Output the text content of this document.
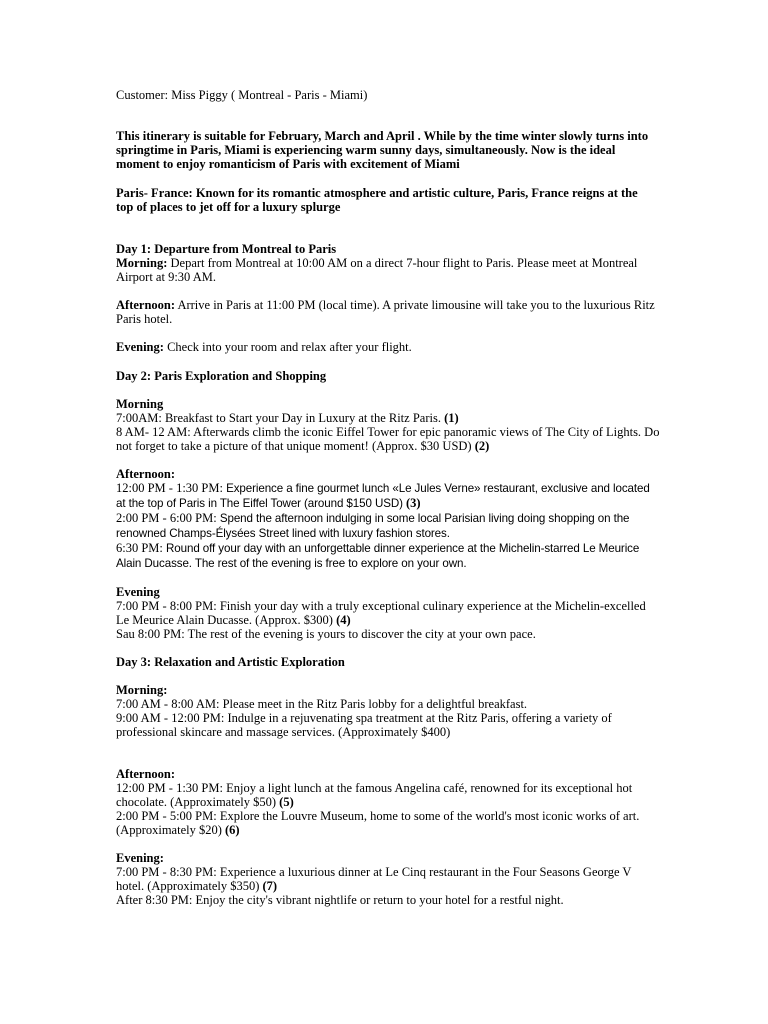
Customer: Miss Piggy ( Montreal - Paris - Miami)
This itinerary is suitable for February, March and April . While by the time winter slowly turns into springtime in Paris, Miami is experiencing warm sunny days, simultaneously. Now is the ideal moment to enjoy romanticism of Paris with excitement of Miami
Paris- France: Known for its romantic atmosphere and artistic culture, Paris, France reigns at the top of places to jet off for a luxury splurge
Day 1: Departure from Montreal to Paris
Morning: Depart from Montreal at 10:00 AM on a direct 7-hour flight to Paris. Please meet at Montreal Airport at 9:30 AM.
Afternoon: Arrive in Paris at 11:00 PM (local time). A private limousine will take you to the luxurious Ritz Paris hotel.
Evening: Check into your room and relax after your flight.
Day 2: Paris Exploration and Shopping
Morning
7:00AM: Breakfast to Start your Day in Luxury at the Ritz Paris. (1)
8 AM- 12 AM: Afterwards climb the iconic Eiffel Tower for epic panoramic views of The City of Lights. Do not forget to take a picture of that unique moment! (Approx. $30 USD) (2)
Afternoon:
12:00 PM - 1:30 PM: Experience a fine gourmet lunch «Le Jules Verne» restaurant, exclusive and located at the top of Paris in The Eiffel Tower (around $150 USD) (3)
2:00 PM - 6:00 PM: Spend the afternoon indulging in some local Parisian living doing shopping on the renowned Champs-Élysées Street lined with luxury fashion stores.
6:30 PM: Round off your day with an unforgettable dinner experience at the Michelin-starred Le Meurice Alain Ducasse. The rest of the evening is free to explore on your own.
Evening
7:00 PM - 8:00 PM: Finish your day with a truly exceptional culinary experience at the Michelin-excelled Le Meurice Alain Ducasse. (Approx. $300) (4)
Sau 8:00 PM: The rest of the evening is yours to discover the city at your own pace.
Day 3: Relaxation and Artistic Exploration
Morning:
7:00 AM - 8:00 AM: Please meet in the Ritz Paris lobby for a delightful breakfast.
9:00 AM - 12:00 PM: Indulge in a rejuvenating spa treatment at the Ritz Paris, offering a variety of professional skincare and massage services. (Approximately $400)
Afternoon:
12:00 PM - 1:30 PM: Enjoy a light lunch at the famous Angelina café, renowned for its exceptional hot chocolate. (Approximately $50) (5)
2:00 PM - 5:00 PM: Explore the Louvre Museum, home to some of the world's most iconic works of art. (Approximately $20) (6)
Evening:
7:00 PM - 8:30 PM: Experience a luxurious dinner at Le Cinq restaurant in the Four Seasons George V hotel. (Approximately $350) (7)
After 8:30 PM: Enjoy the city's vibrant nightlife or return to your hotel for a restful night.
